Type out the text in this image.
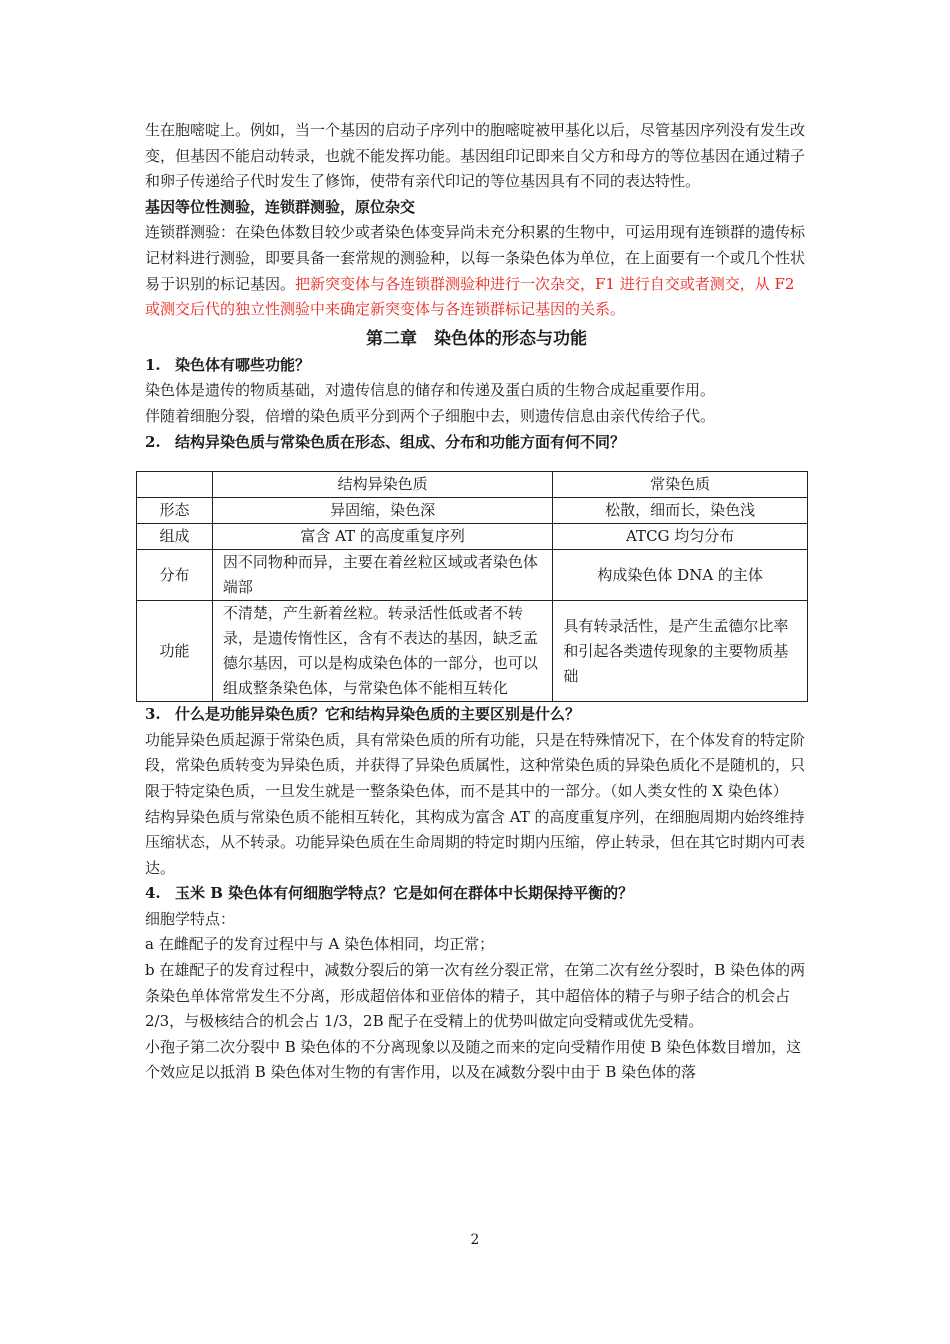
生在胞嘧啶上。例如，当一个基因的启动子序列中的胞嘧啶被甲基化以后，尽管基因序列没有发生改变，但基因不能启动转录，也就不能发挥功能。基因组印记即来自父方和母方的等位基因在通过精子和卵子传递给子代时发生了修饰，使带有亲代印记的等位基因具有不同的表达特性。

基因等位性测验，连锁群测验，原位杂交

连锁群测验：在染色体数目较少或者染色体变异尚未充分积累的生物中，可运用现有连锁群的遗传标记材料进行测验，即要具备一套常规的测验种，以每一条染色体为单位，在上面要有一个或几个性状易于识别的标记基因。把新突变体与各连锁群测验种进行一次杂交，F1 进行自交或者测交，从 F2 或测交后代的独立性测验中来确定新突变体与各连锁群标记基因的关系。

第二章　染色体的形态与功能
1. 染色体有哪些功能？

染色体是遗传的物质基础，对遗传信息的储存和传递及蛋白质的生物合成起重要作用。

伴随着细胞分裂，倍增的染色质平分到两个子细胞中去，则遗传信息由亲代传给子代。

2. 结构异染色质与常染色质在形态、组成、分布和功能方面有何不同？
	结构异染色质	常染色质
形态	异固缩，染色深	松散，细而长，染色浅
组成	富含 AT 的高度重复序列	ATCG 均匀分布
分布	因不同物种而异，主要在着丝粒区域或者染色体端部	构成染色体 DNA 的主体
功能	不清楚，产生新着丝粒。转录活性低或者不转录，是遗传惰性区，含有不表达的基因，缺乏孟德尔基因，可以是构成染色体的一部分，也可以组成整条染色体，与常染色体不能相互转化	具有转录活性，是产生孟德尔比率和引起各类遗传现象的主要物质基础
3. 什么是功能异染色质？它和结构异染色质的主要区别是什么？

功能异染色质起源于常染色质，具有常染色质的所有功能，只是在特殊情况下，在个体发育的特定阶段，常染色质转变为异染色质，并获得了异染色质属性，这种常染色质的异染色质化不是随机的，只限于特定染色质，一旦发生就是一整条染色体，而不是其中的一部分。（如人类女性的 X 染色体）

结构异染色质与常染色质不能相互转化，其构成为富含 AT 的高度重复序列，在细胞周期内始终维持压缩状态，从不转录。功能异染色质在生命周期的特定时期内压缩，停止转录，但在其它时期内可表达。

4. 玉米 B 染色体有何细胞学特点？它是如何在群体中长期保持平衡的？

细胞学特点：

a 在雌配子的发育过程中与 A 染色体相同，均正常；

b 在雄配子的发育过程中，减数分裂后的第一次有丝分裂正常，在第二次有丝分裂时，B 染色体的两条染色单体常常发生不分离，形成超倍体和亚倍体的精子，其中超倍体的精子与卵子结合的机会占 2/3，与极核结合的机会占 1/3，2B 配子在受精上的优势叫做定向受精或优先受精。

小孢子第二次分裂中 B 染色体的不分离现象以及随之而来的定向受精作用使 B 染色体数目增加，这个效应足以抵消 B 染色体对生物的有害作用，以及在减数分裂中由于 B 染色体的落

2
